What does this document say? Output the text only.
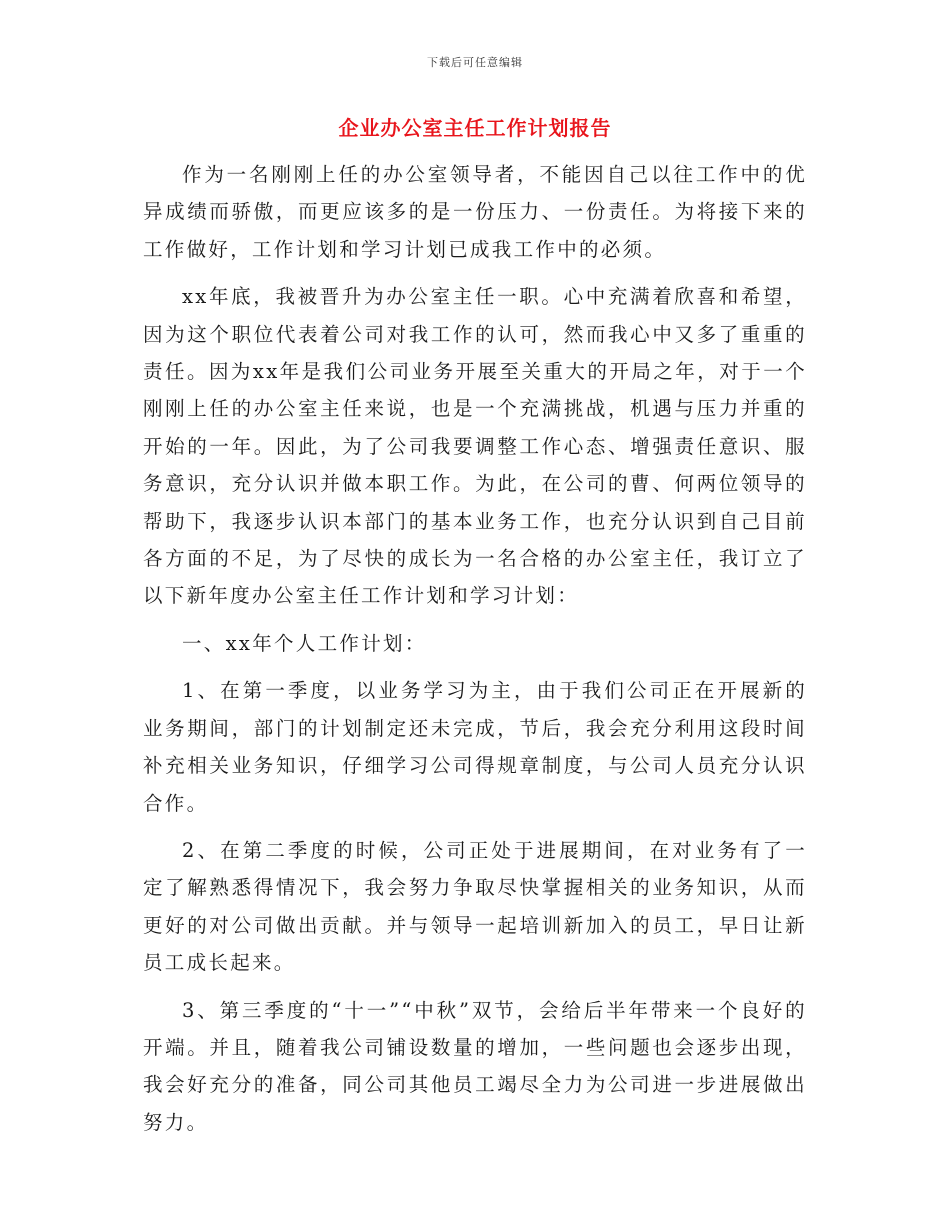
下载后可任意编辑
企业办公室主任工作计划报告

作为一名刚刚上任的办公室领导者，不能因自己以往工作中的优异成绩而骄傲，而更应该多的是一份压力、一份责任。为将接下来的工作做好，工作计划和学习计划已成我工作中的必须。

xx年底，我被晋升为办公室主任一职。心中充满着欣喜和希望，因为这个职位代表着公司对我工作的认可，然而我心中又多了重重的责任。因为xx年是我们公司业务开展至关重大的开局之年，对于一个刚刚上任的办公室主任来说，也是一个充满挑战，机遇与压力并重的开始的一年。因此，为了公司我要调整工作心态、增强责任意识、服务意识，充分认识并做本职工作。为此，在公司的曹、何两位领导的帮助下，我逐步认识本部门的基本业务工作，也充分认识到自己目前各方面的不足，为了尽快的成长为一名合格的办公室主任，我订立了以下新年度办公室主任工作计划和学习计划：

一、xx年个人工作计划：

1、在第一季度，以业务学习为主，由于我们公司正在开展新的业务期间，部门的计划制定还未完成，节后，我会充分利用这段时间补充相关业务知识，仔细学习公司得规章制度，与公司人员充分认识合作。

2、在第二季度的时候，公司正处于进展期间，在对业务有了一定了解熟悉得情况下，我会努力争取尽快掌握相关的业务知识，从而更好的对公司做出贡献。并与领导一起培训新加入的员工，早日让新员工成长起来。

3、第三季度的“十一”“中秋”双节，会给后半年带来一个良好的开端。并且，随着我公司铺设数量的增加，一些问题也会逐步出现，我会好充分的准备，同公司其他员工竭尽全力为公司进一步进展做出努力。
